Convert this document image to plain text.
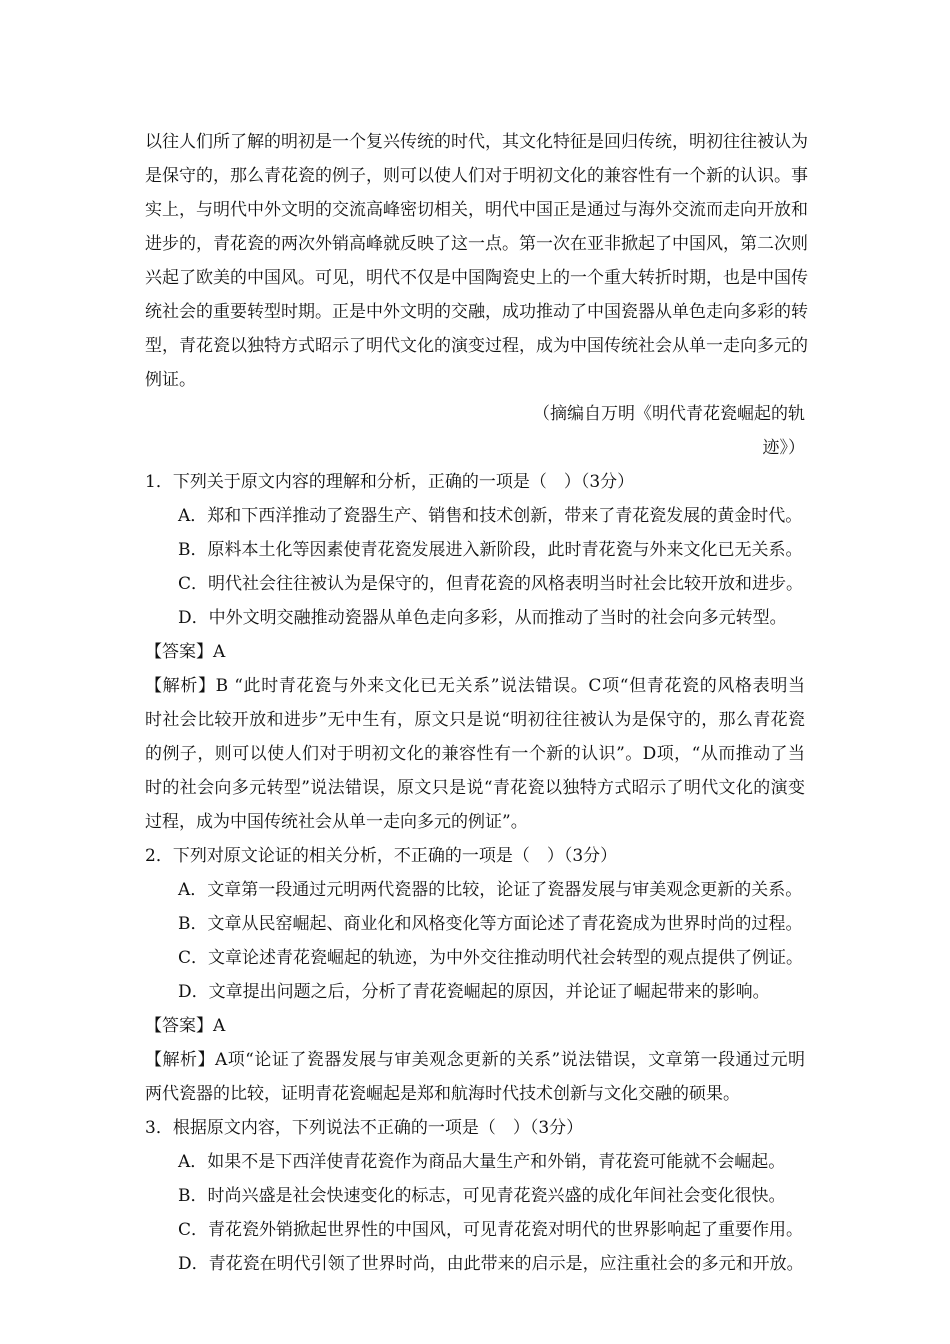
以往人们所了解的明初是一个复兴传统的时代，其文化特征是回归传统，明初往往被认为
是保守的，那么青花瓷的例子，则可以使人们对于明初文化的兼容性有一个新的认识。事
实上，与明代中外文明的交流高峰密切相关，明代中国正是通过与海外交流而走向开放和
进步的，青花瓷的两次外销高峰就反映了这一点。第一次在亚非掀起了中国风，第二次则
兴起了欧美的中国风。可见，明代不仅是中国陶瓷史上的一个重大转折时期，也是中国传
统社会的重要转型时期。正是中外文明的交融，成功推动了中国瓷器从单色走向多彩的转
型，青花瓷以独特方式昭示了明代文化的演变过程，成为中国传统社会从单一走向多元的
例证。
（摘编自万明《明代青花瓷崛起的轨
迹》）
1．下列关于原文内容的理解和分析，正确的一项是（　）（3分）
A．郑和下西洋推动了瓷器生产、销售和技术创新，带来了青花瓷发展的黄金时代。
B．原料本土化等因素使青花瓷发展进入新阶段，此时青花瓷与外来文化已无关系。
C．明代社会往往被认为是保守的，但青花瓷的风格表明当时社会比较开放和进步。
D．中外文明交融推动瓷器从单色走向多彩，从而推动了当时的社会向多元转型。
【答案】A
【解析】B “此时青花瓷与外来文化已无关系”说法错误。C项“但青花瓷的风格表明当
时社会比较开放和进步”无中生有，原文只是说“明初往往被认为是保守的，那么青花瓷
的例子，则可以使人们对于明初文化的兼容性有一个新的认识”。D项，“从而推动了当
时的社会向多元转型”说法错误，原文只是说“青花瓷以独特方式昭示了明代文化的演变
过程，成为中国传统社会从单一走向多元的例证”。
2．下列对原文论证的相关分析，不正确的一项是（　）（3分）
A．文章第一段通过元明两代瓷器的比较，论证了瓷器发展与审美观念更新的关系。
B．文章从民窑崛起、商业化和风格变化等方面论述了青花瓷成为世界时尚的过程。
C．文章论述青花瓷崛起的轨迹，为中外交往推动明代社会转型的观点提供了例证。
D．文章提出问题之后，分析了青花瓷崛起的原因，并论证了崛起带来的影响。
【答案】A
【解析】A项“论证了瓷器发展与审美观念更新的关系”说法错误，文章第一段通过元明
两代瓷器的比较，证明青花瓷崛起是郑和航海时代技术创新与文化交融的硕果。
3．根据原文内容，下列说法不正确的一项是（　）（3分）
A．如果不是下西洋使青花瓷作为商品大量生产和外销，青花瓷可能就不会崛起。
B．时尚兴盛是社会快速变化的标志，可见青花瓷兴盛的成化年间社会变化很快。
C．青花瓷外销掀起世界性的中国风，可见青花瓷对明代的世界影响起了重要作用。
D．青花瓷在明代引领了世界时尚，由此带来的启示是，应注重社会的多元和开放。
